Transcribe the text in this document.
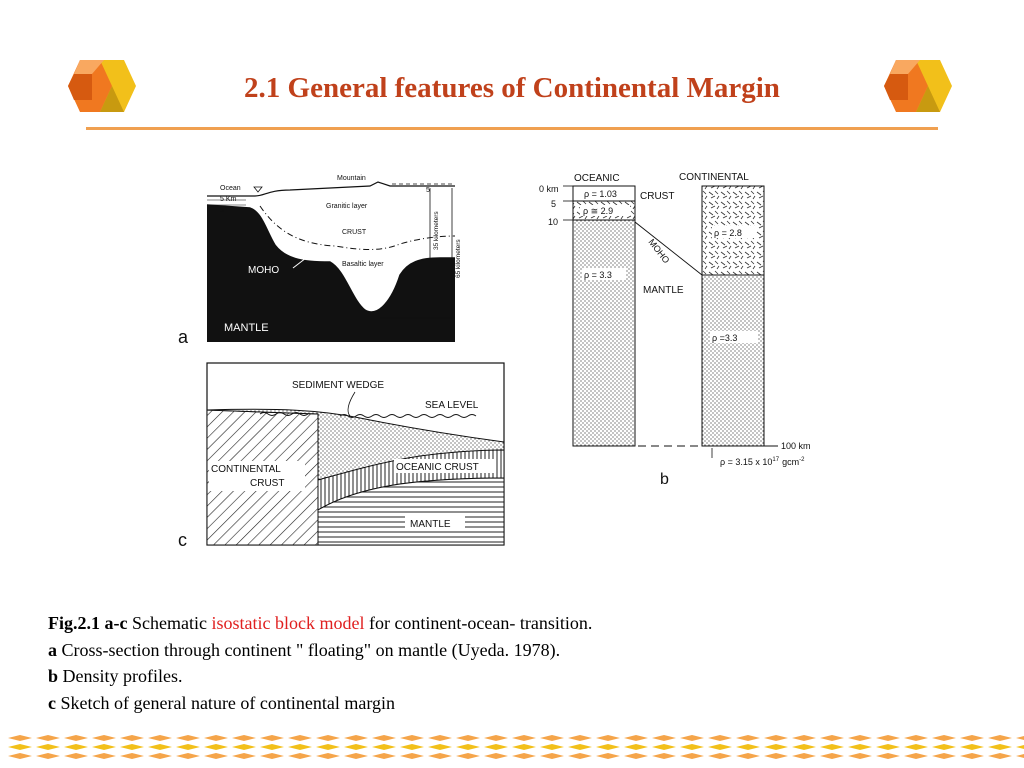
2.1 General features of Continental Margin
Ocean
Mountain
5 Km
5
5
Granitic layer
CRUST
Basaltic layer
MOHO
MANTLE
35 kilometers
65 kilometers
a
SEDIMENT WEDGE
SEA LEVEL
CONTINENTAL
CRUST
OCEANIC CRUST
MANTLE
c
OCEANIC	CONTINENTAL
0 km
5
10
ρ = 1.03 CRUST
ρ ≅ 2.9
MOHO
MANTLE
ρ = 3.3
ρ = 2.8
ρ =3.3
100 km
ρ = 3.15 x $10^{17}$ gcm$^{-2}$
b
Fig.2.1 a-c Schematic isostatic block model for continent-ocean- transition.
a Cross-section through continent " floating" on mantle (Uyeda. 1978).
b Density profiles.
c Sketch of general nature of continental margin
